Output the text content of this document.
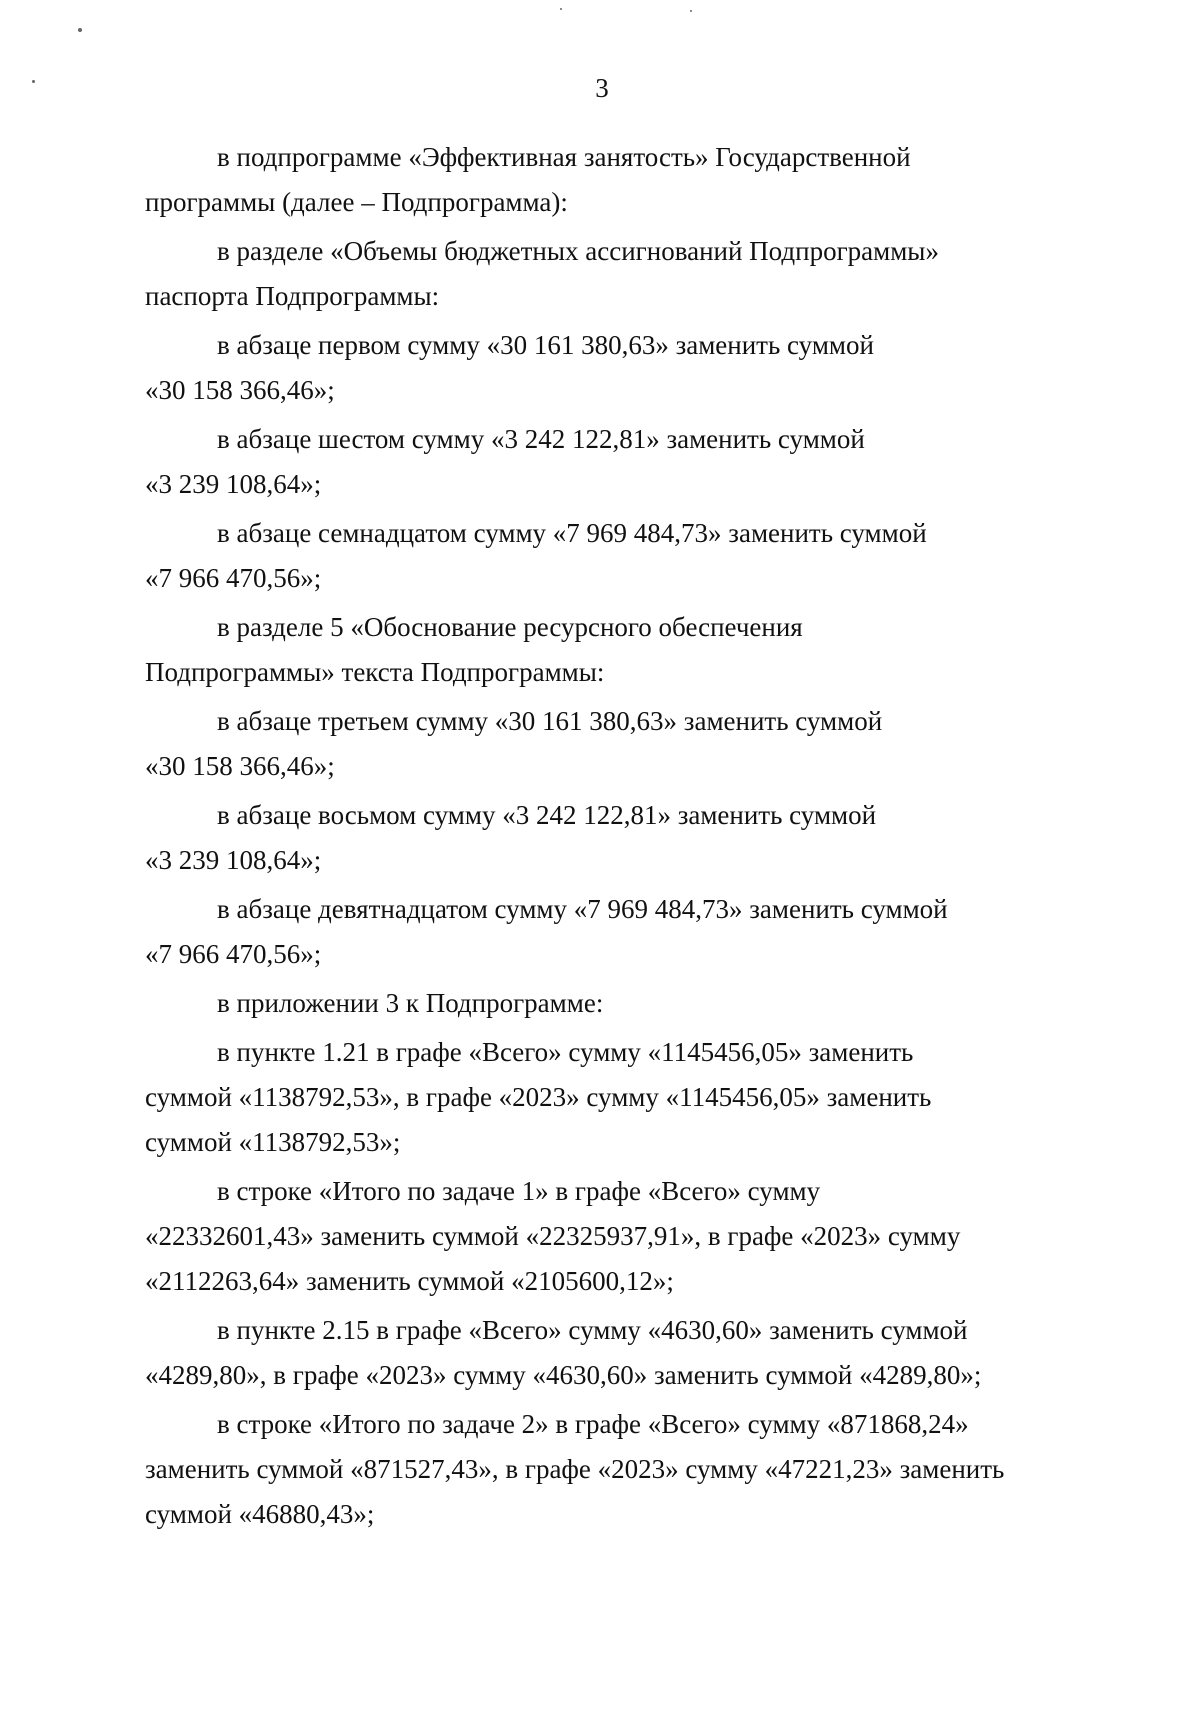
3

в подпрограмме «Эффективная занятость» Государственной
программы (далее – Подпрограмма):

в разделе «Объемы бюджетных ассигнований Подпрограммы»
паспорта Подпрограммы:

в абзаце первом сумму «30 161 380,63» заменить суммой
«30 158 366,46»;

в абзаце шестом сумму «3 242 122,81» заменить суммой
«3 239 108,64»;

в абзаце семнадцатом сумму «7 969 484,73» заменить суммой
«7 966 470,56»;

в разделе 5 «Обоснование ресурсного обеспечения
Подпрограммы» текста Подпрограммы:

в абзаце третьем сумму «30 161 380,63» заменить суммой
«30 158 366,46»;

в абзаце восьмом сумму «3 242 122,81» заменить суммой
«3 239 108,64»;

в абзаце девятнадцатом сумму «7 969 484,73» заменить суммой
«7 966 470,56»;

в приложении 3 к Подпрограмме:

в пункте 1.21 в графе «Всего» сумму «1145456,05» заменить
суммой «1138792,53», в графе «2023» сумму «1145456,05» заменить
суммой «1138792,53»;

в строке «Итого по задаче 1» в графе «Всего» сумму
«22332601,43» заменить суммой «22325937,91», в графе «2023» сумму
«2112263,64» заменить суммой «2105600,12»;

в пункте 2.15 в графе «Всего» сумму «4630,60» заменить суммой
«4289,80», в графе «2023» сумму «4630,60» заменить суммой «4289,80»;

в строке «Итого по задаче 2» в графе «Всего» сумму «871868,24»
заменить суммой «871527,43», в графе «2023» сумму «47221,23» заменить
суммой «46880,43»;
